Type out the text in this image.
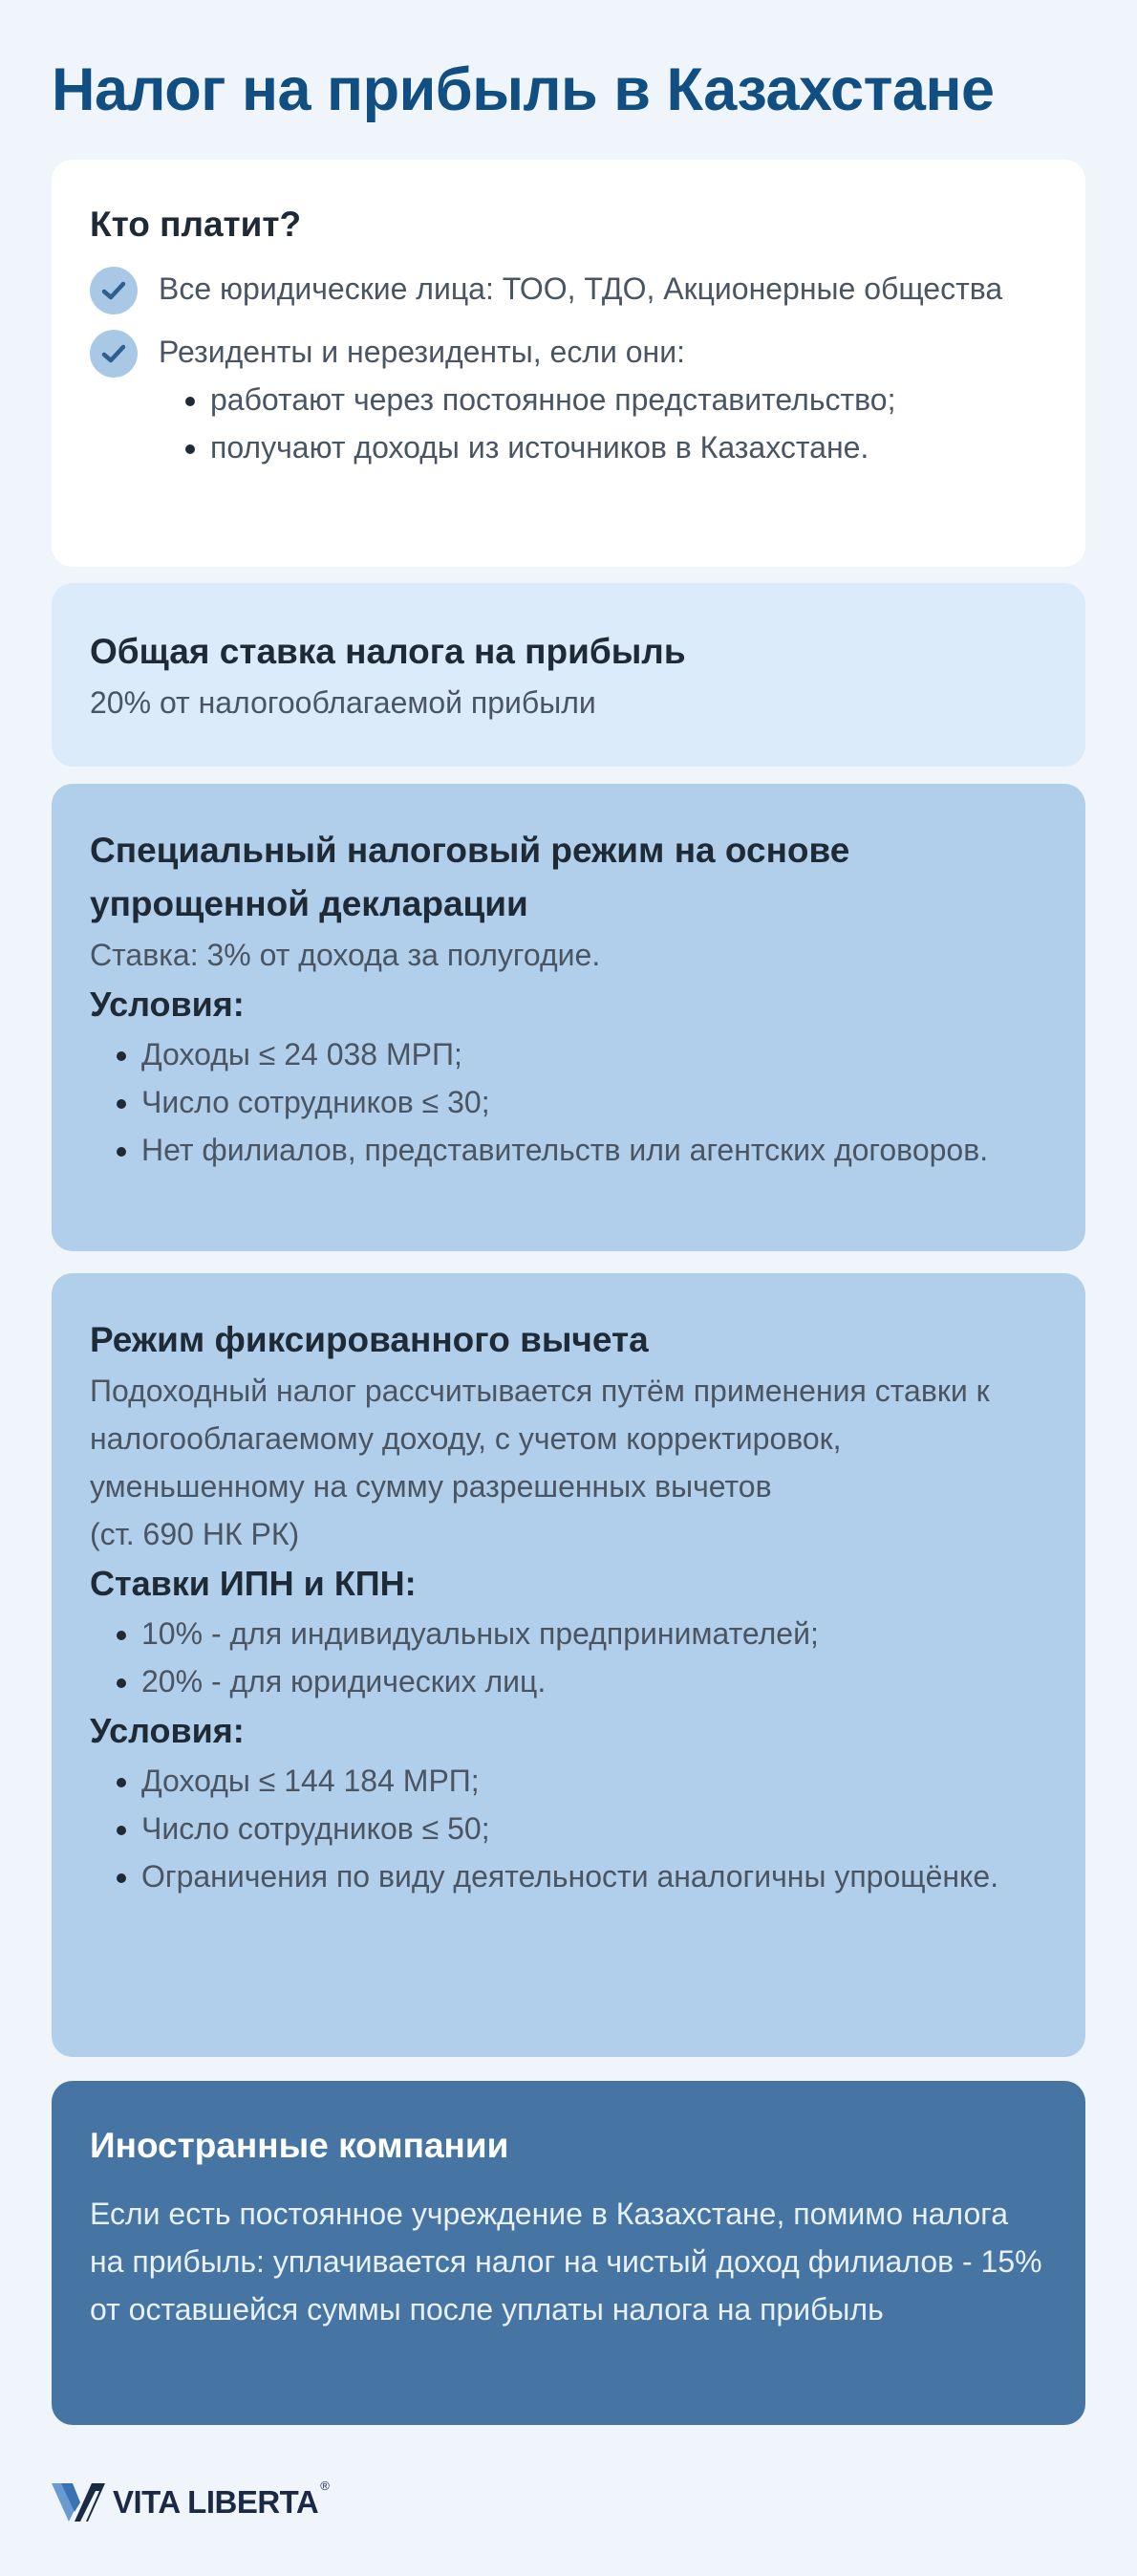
Налог на прибыль в Казахстане
Кто платит?
Все юридические лица: ТОО, ТДО, Акционерные общества
Резиденты и нерезиденты, если они:
• работают через постоянное представительство;
• получают доходы из источников в Казахстане.
Общая ставка налога на прибыль

20% от налогооблагаемой прибыли

Специальный налоговый режим на основе упрощенной декларации

Ставка: 3% от дохода за полугодие.

Условия:
• Доходы ≤ 24 038 МРП;
• Число сотрудников ≤ 30;
• Нет филиалов, представительств или агентских договоров.
Режим фиксированного вычета

Подоходный налог рассчитывается путём применения ставки к налогооблагаемому доходу, с учетом корректировок, уменьшенному на сумму разрешенных вычетов

(ст. 690 НК РК)

Ставки ИПН и КПН:
• 10% - для индивидуальных предпринимателей;
• 20% - для юридических лиц.
Условия:
• Доходы ≤ 144 184 МРП;
• Число сотрудников ≤ 50;
• Ограничения по виду деятельности аналогичны упрощёнке.
Иностранные компании

Если есть постоянное учреждение в Казахстане, помимо налога на прибыль: уплачивается налог на чистый доход филиалов - 15% от оставшейся суммы после уплаты налога на прибыль

VITA LIBERTA ®
